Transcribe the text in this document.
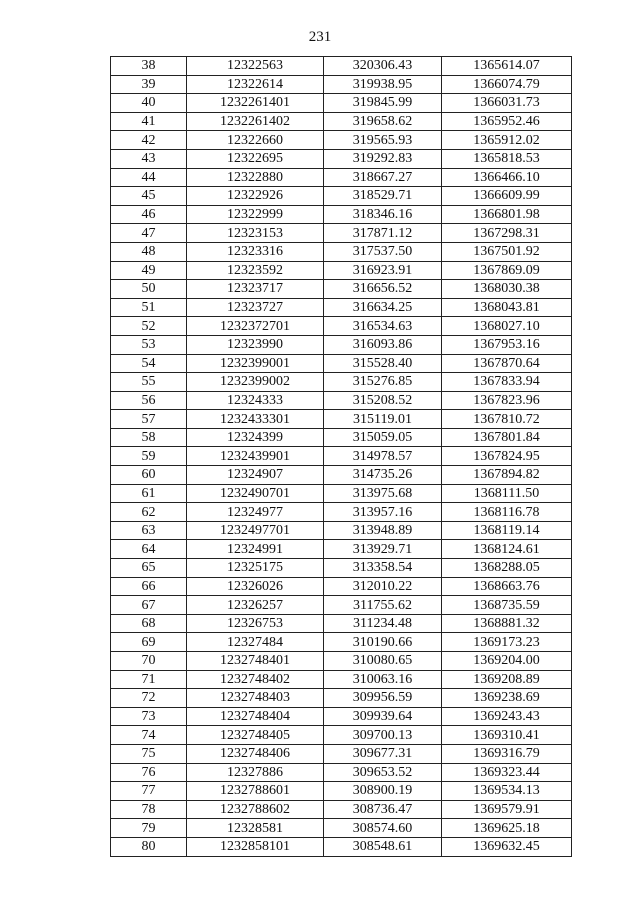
231
38	12322563	320306.43	1365614.07
39	12322614	319938.95	1366074.79
40	1232261401	319845.99	1366031.73
41	1232261402	319658.62	1365952.46
42	12322660	319565.93	1365912.02
43	12322695	319292.83	1365818.53
44	12322880	318667.27	1366466.10
45	12322926	318529.71	1366609.99
46	12322999	318346.16	1366801.98
47	12323153	317871.12	1367298.31
48	12323316	317537.50	1367501.92
49	12323592	316923.91	1367869.09
50	12323717	316656.52	1368030.38
51	12323727	316634.25	1368043.81
52	1232372701	316534.63	1368027.10
53	12323990	316093.86	1367953.16
54	1232399001	315528.40	1367870.64
55	1232399002	315276.85	1367833.94
56	12324333	315208.52	1367823.96
57	1232433301	315119.01	1367810.72
58	12324399	315059.05	1367801.84
59	1232439901	314978.57	1367824.95
60	12324907	314735.26	1367894.82
61	1232490701	313975.68	1368111.50
62	12324977	313957.16	1368116.78
63	1232497701	313948.89	1368119.14
64	12324991	313929.71	1368124.61
65	12325175	313358.54	1368288.05
66	12326026	312010.22	1368663.76
67	12326257	311755.62	1368735.59
68	12326753	311234.48	1368881.32
69	12327484	310190.66	1369173.23
70	1232748401	310080.65	1369204.00
71	1232748402	310063.16	1369208.89
72	1232748403	309956.59	1369238.69
73	1232748404	309939.64	1369243.43
74	1232748405	309700.13	1369310.41
75	1232748406	309677.31	1369316.79
76	12327886	309653.52	1369323.44
77	1232788601	308900.19	1369534.13
78	1232788602	308736.47	1369579.91
79	12328581	308574.60	1369625.18
80	1232858101	308548.61	1369632.45
